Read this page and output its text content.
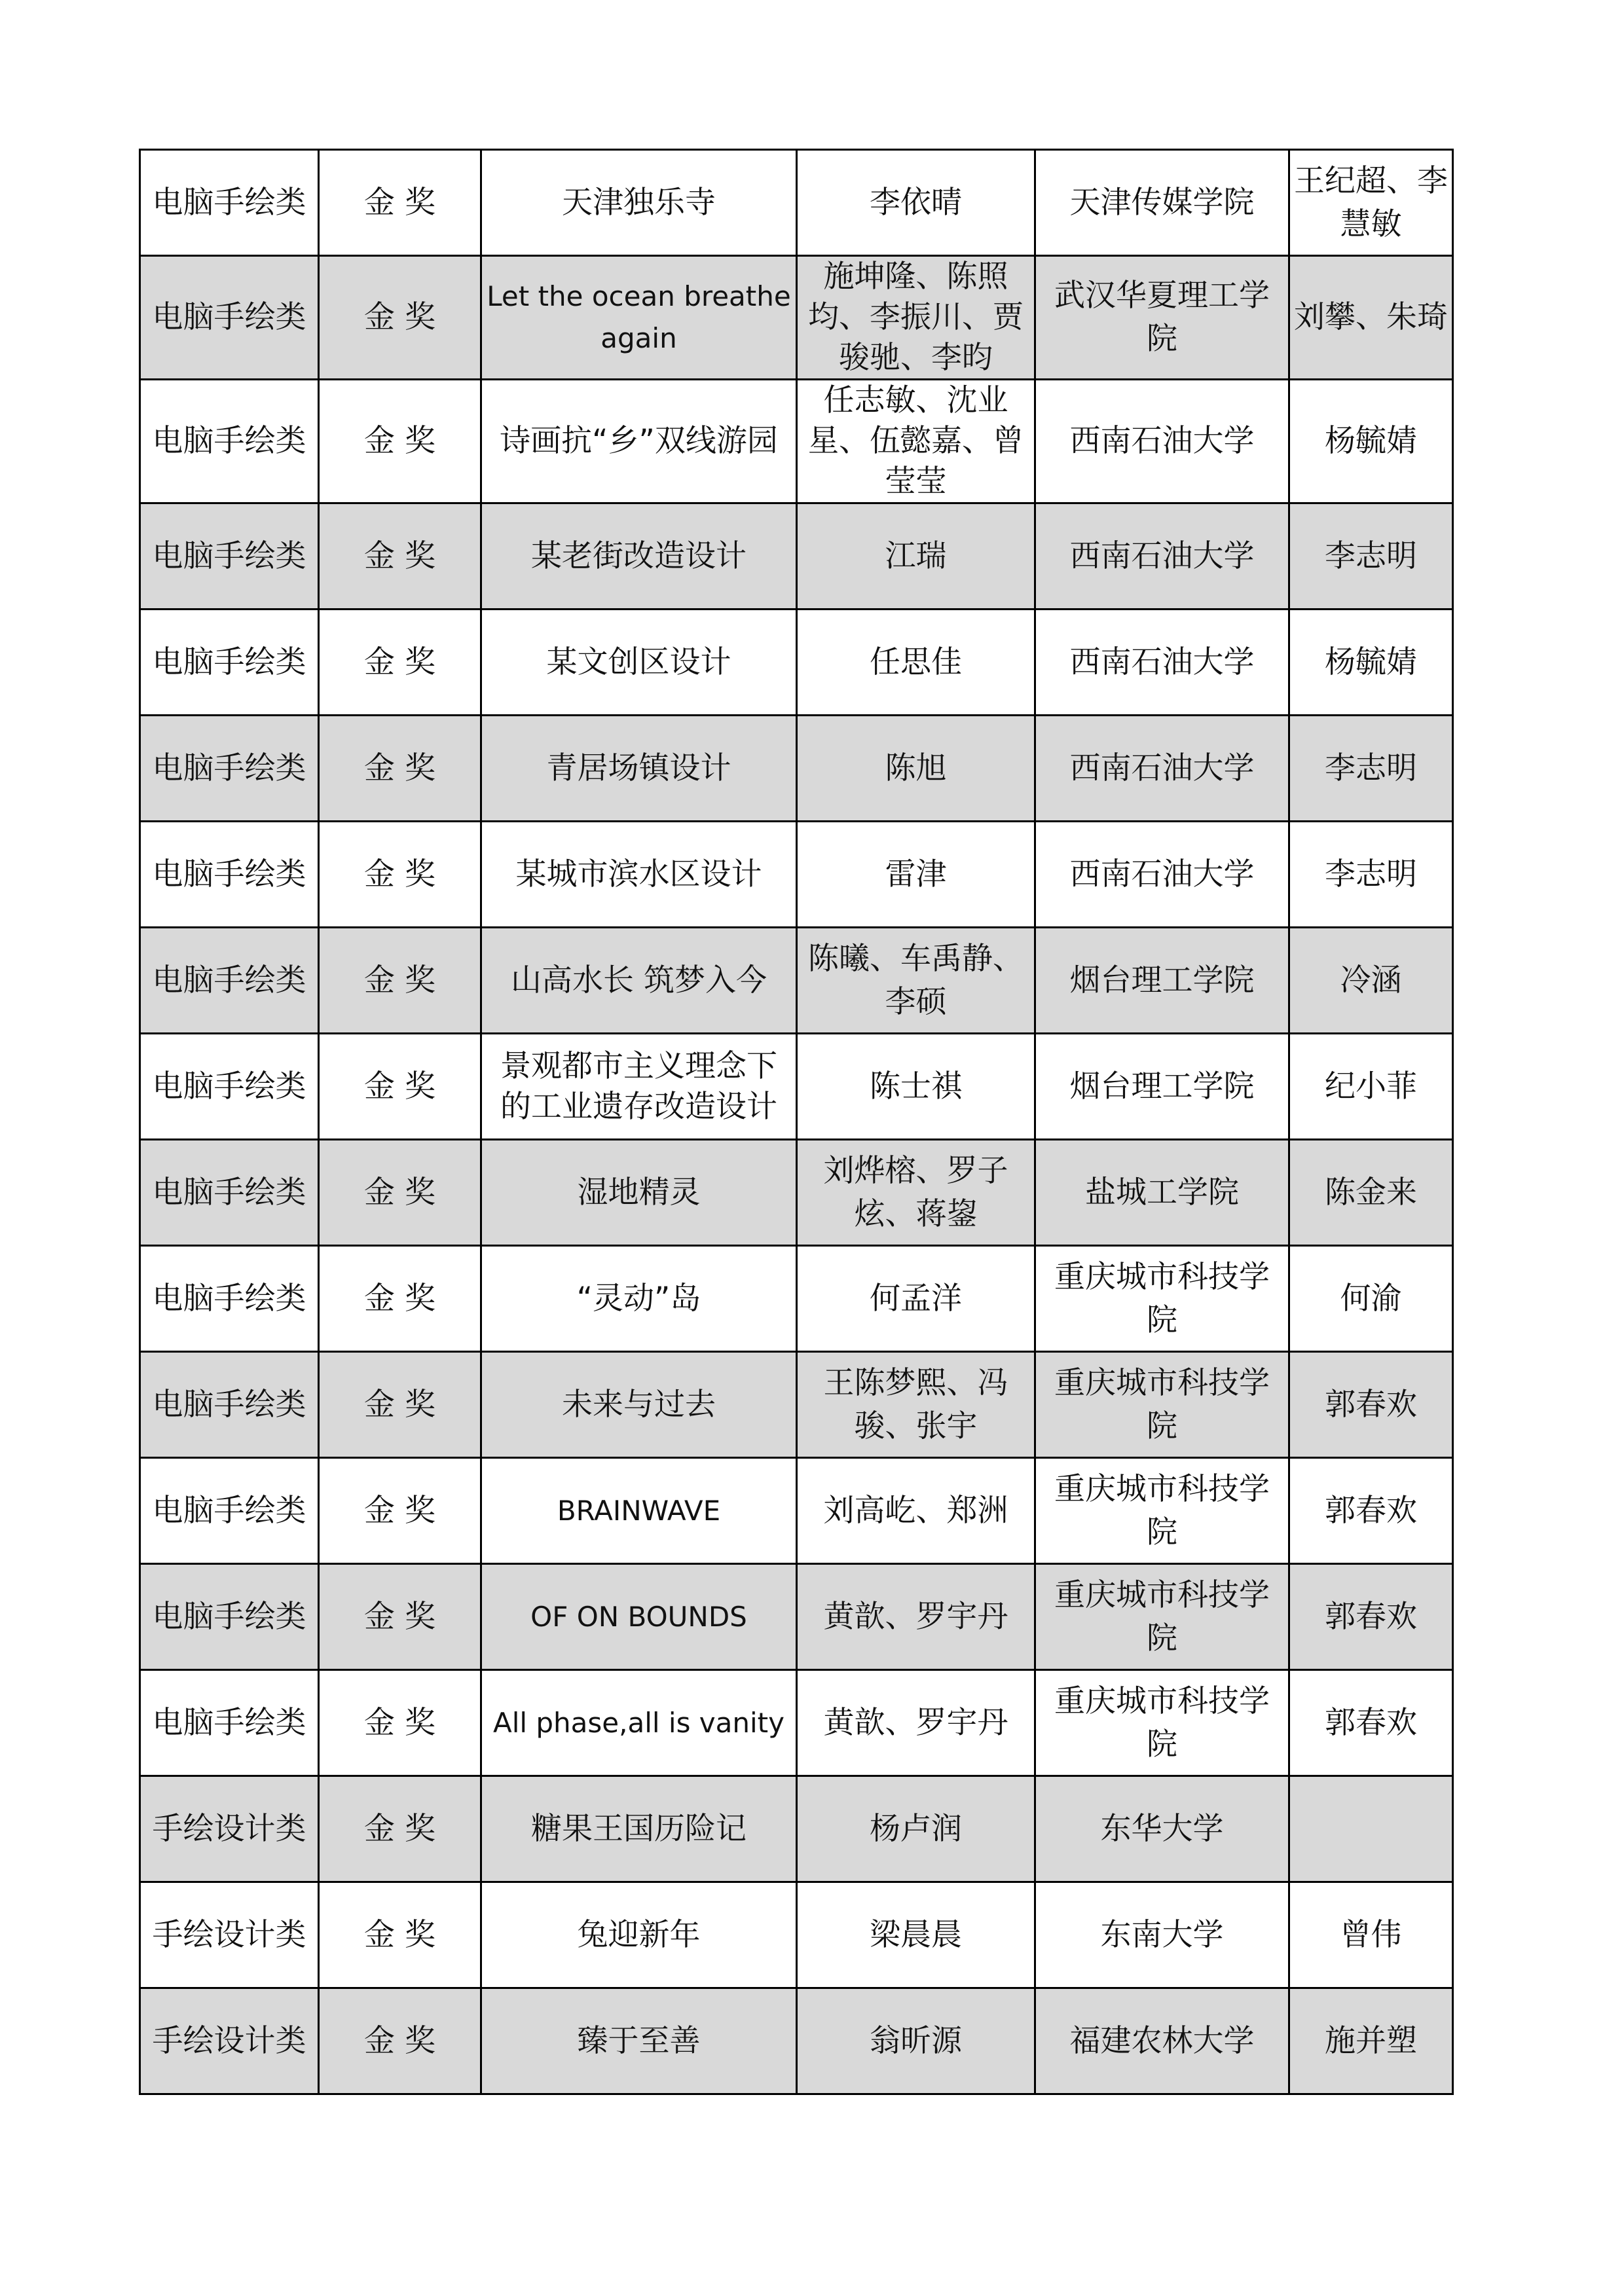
电脑手绘类	金 奖	天津独乐寺	李依晴	天津传媒学院	王纪超、李慧敏
电脑手绘类	金 奖	Let the ocean breathe again	施坤隆、陈照均、李振川、贾骏驰、李昀	武汉华夏理工学院	刘攀、朱琦
电脑手绘类	金 奖	诗画抗“乡”双线游园	任志敏、沈业星、伍懿嘉、曾莹莹	西南石油大学	杨毓婧
电脑手绘类	金 奖	某老街改造设计	江瑞	西南石油大学	李志明
电脑手绘类	金 奖	某文创区设计	任思佳	西南石油大学	杨毓婧
电脑手绘类	金 奖	青居场镇设计	陈旭	西南石油大学	李志明
电脑手绘类	金 奖	某城市滨水区设计	雷津	西南石油大学	李志明
电脑手绘类	金 奖	山高水长 筑梦入今	陈曦、车禹静、李硕	烟台理工学院	冷涵
电脑手绘类	金 奖	景观都市主义理念下的工业遗存改造设计	陈士祺	烟台理工学院	纪小菲
电脑手绘类	金 奖	湿地精灵	刘烨榕、罗子炫、蒋鋆	盐城工学院	陈金来
电脑手绘类	金 奖	“灵动”岛	何孟洋	重庆城市科技学院	何渝
电脑手绘类	金 奖	未来与过去	王陈梦熙、冯骏、张宇	重庆城市科技学院	郭春欢
电脑手绘类	金 奖	BRAINWAVE	刘高屹、郑洲	重庆城市科技学院	郭春欢
电脑手绘类	金 奖	OF ON BOUNDS	黄歆、罗宇丹	重庆城市科技学院	郭春欢
电脑手绘类	金 奖	All phase,all is vanity	黄歆、罗宇丹	重庆城市科技学院	郭春欢
手绘设计类	金 奖	糖果王国历险记	杨卢润	东华大学	
手绘设计类	金 奖	兔迎新年	梁晨晨	东南大学	曾伟
手绘设计类	金 奖	臻于至善	翁昕源	福建农林大学	施并塑
